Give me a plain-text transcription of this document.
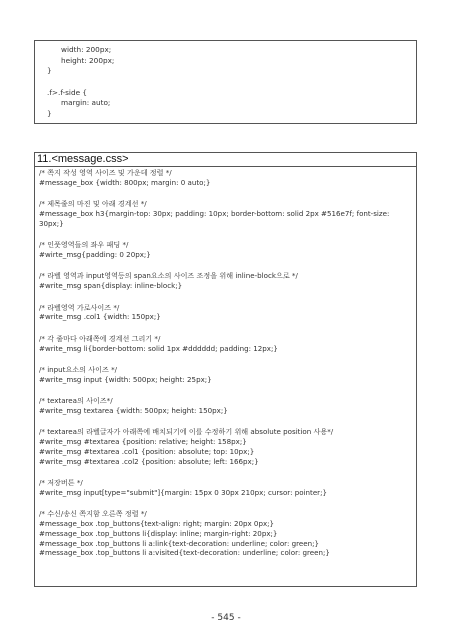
width: 200px;
height: 200px;
}
.f>.f-side {
margin: auto;
}
11.<message.css>
/* 쪽지 작성 영역 사이즈 및 가운데 정렬 */
#message_box {width: 800px; margin: 0 auto;}
/* 제목줄의 마진 및 아래 경계선 */
#message_box h3{margin-top: 30px; padding: 10px; border-bottom: solid 2px #516e7f; font-size:
30px;}
/* 인풋영역들의 좌우 패딩 */
#wirte_msg{padding: 0 20px;}
/* 라벨 영역과 input영역등의 span요소의 사이즈 조정을 위해 inline-block으로 */
#write_msg span{display: inline-block;}
/* 라벨영역 가로사이즈 */
#write_msg .col1 {width: 150px;}
/* 각 줄마다 아래쪽에 경계선 그리기 */
#write_msg li{border-bottom: solid 1px #dddddd; padding: 12px;}
/* input요소의 사이즈 */
#write_msg input {width: 500px; height: 25px;}
/* textarea의 사이즈*/
#write_msg textarea {width: 500px; height: 150px;}
/* textarea의 라벨글자가 아래쪽에 배치되기에 이를 수정하기 위해 absolute position 사용*/
#write_msg #textarea {position: relative; height: 158px;}
#write_msg #textarea .col1 {position: absolute; top: 10px;}
#write_msg #textarea .col2 {position: absolute; left: 166px;}
/* 저장버튼 */
#write_msg input[type="submit"]{margin: 15px 0 30px 210px; cursor: pointer;}
/* 수신/송신 쪽지함 오른쪽 정렬 */
#message_box .top_buttons{text-align: right; margin: 20px 0px;}
#message_box .top_buttons li{display: inline; margin-right: 20px;}
#message_box .top_buttons li a:link{text-decoration: underline; color: green;}
#message_box .top_buttons li a:visited{text-decoration: underline; color: green;}
- 545 -
